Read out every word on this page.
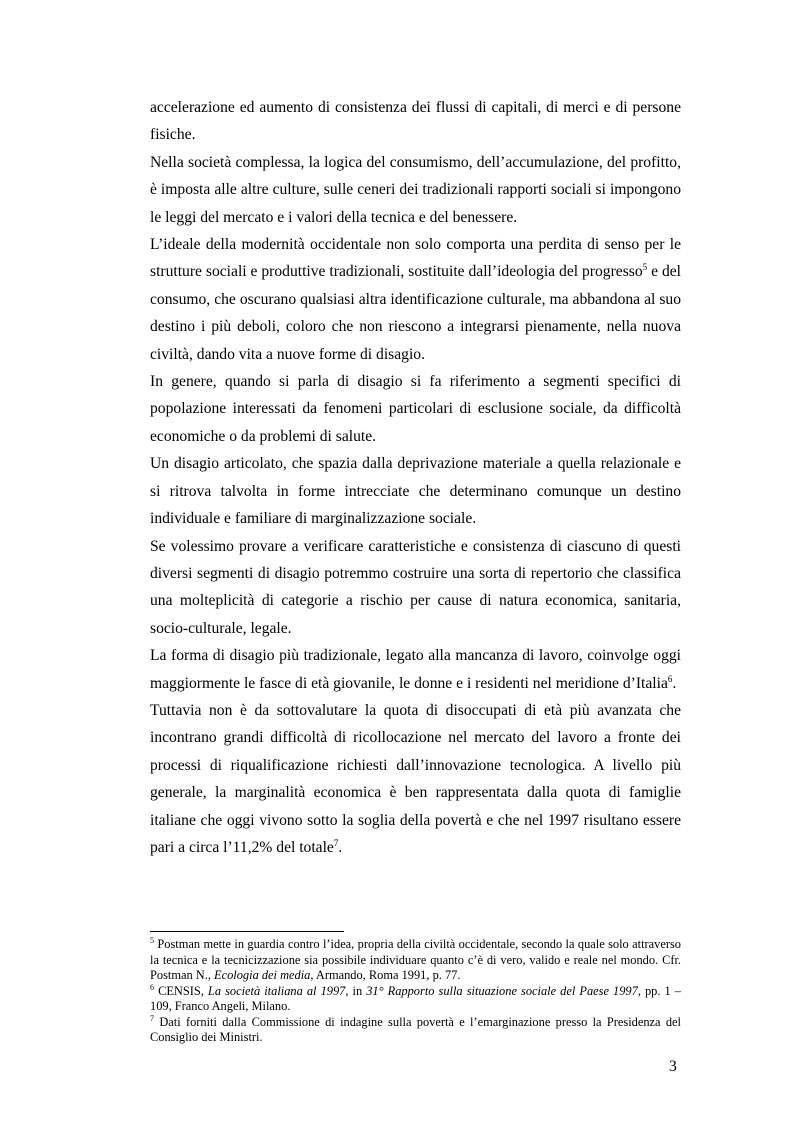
accelerazione ed aumento di consistenza dei flussi di capitali, di merci e di persone fisiche.

Nella società complessa, la logica del consumismo, dell’accumulazione, del profitto, è imposta alle altre culture, sulle ceneri dei tradizionali rapporti sociali si impongono le leggi del mercato e i valori della tecnica e del benessere.

L’ideale della modernità occidentale non solo comporta una perdita di senso per le strutture sociali e produttive tradizionali, sostituite dall’ideologia del progresso$^5$ e del consumo, che oscurano qualsiasi altra identificazione culturale, ma abbandona al suo destino i più deboli, coloro che non riescono a integrarsi pienamente, nella nuova civiltà, dando vita a nuove forme di disagio.

In genere, quando si parla di disagio si fa riferimento a segmenti specifici di popolazione interessati da fenomeni particolari di esclusione sociale, da difficoltà economiche o da problemi di salute.

Un disagio articolato, che spazia dalla deprivazione materiale a quella relazionale e si ritrova talvolta in forme intrecciate che determinano comunque un destino individuale e familiare di marginalizzazione sociale.

Se volessimo provare a verificare caratteristiche e consistenza di ciascuno di questi diversi segmenti di disagio potremmo costruire una sorta di repertorio che classifica una molteplicità di categorie a rischio per cause di natura economica, sanitaria, socio-culturale, legale.

La forma di disagio più tradizionale, legato alla mancanza di lavoro, coinvolge oggi maggiormente le fasce di età giovanile, le donne e i residenti nel meridione d’Italia$^6$.

Tuttavia non è da sottovalutare la quota di disoccupati di età più avanzata che incontrano grandi difficoltà di ricollocazione nel mercato del lavoro a fronte dei processi di riqualificazione richiesti dall’innovazione tecnologica. A livello più generale, la marginalità economica è ben rappresentata dalla quota di famiglie italiane che oggi vivono sotto la soglia della povertà e che nel 1997 risultano essere pari a circa l’11,2% del totale$^7$.

$^5$ Postman mette in guardia contro l’idea, propria della civiltà occidentale, secondo la quale solo attraverso la tecnica e la tecnicizzazione sia possibile individuare quanto c’è di vero, valido e reale nel mondo. Cfr. Postman N., Ecologia dei media, Armando, Roma 1991, p. 77.

$^6$ CENSIS, La società italiana al 1997, in 31° Rapporto sulla situazione sociale del Paese 1997, pp. 1 – 109, Franco Angeli, Milano.

$^7$ Dati forniti dalla Commissione di indagine sulla povertà e l’emarginazione presso la Presidenza del Consiglio dei Ministri.

3
